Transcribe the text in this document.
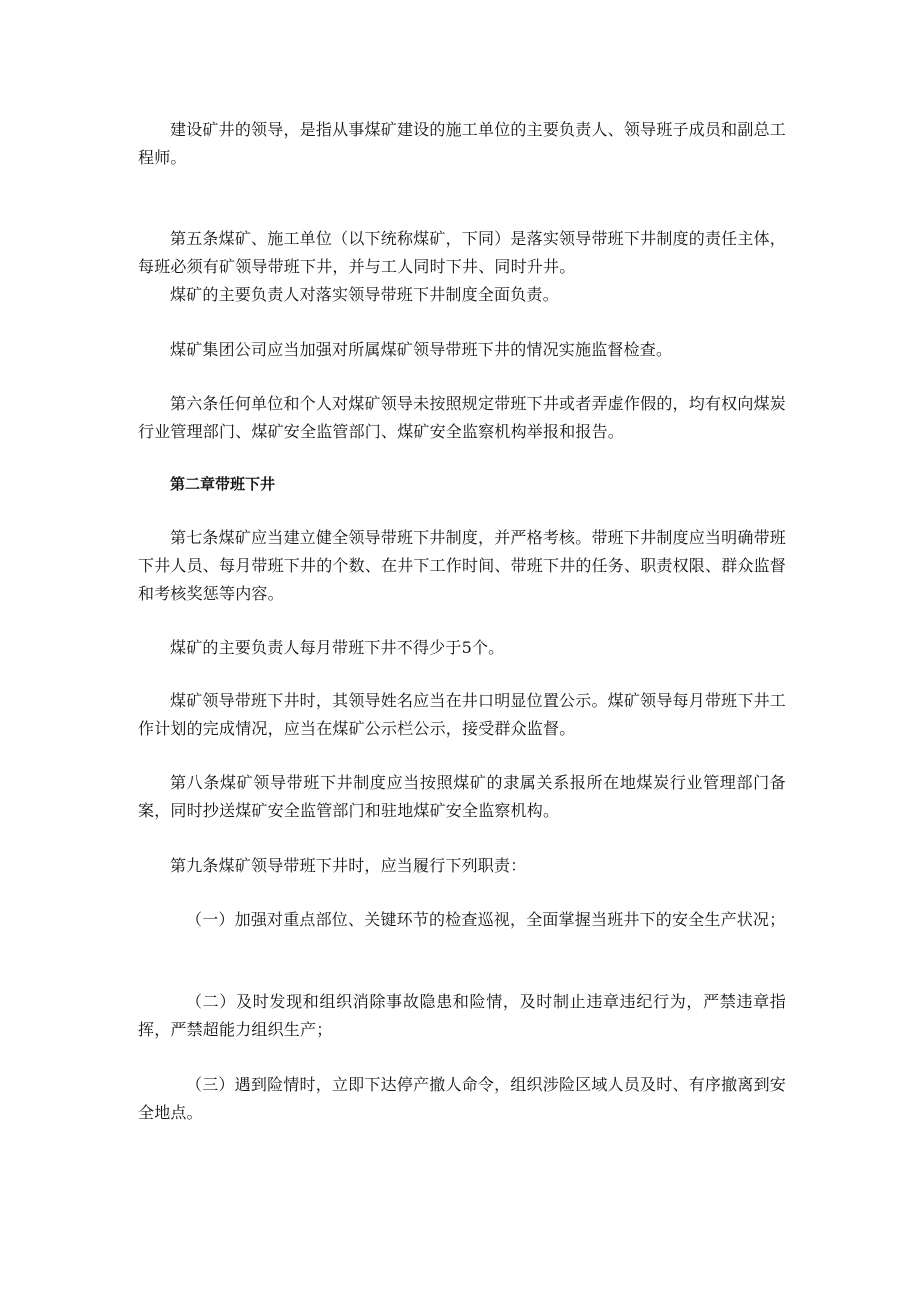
建设矿井的领导，是指从事煤矿建设的施工单位的主要负责人、领导班子成员和副总工程师。

第五条煤矿、施工单位（以下统称煤矿，下同）是落实领导带班下井制度的责任主体，每班必须有矿领导带班下井，并与工人同时下井、同时升井。

煤矿的主要负责人对落实领导带班下井制度全面负责。

煤矿集团公司应当加强对所属煤矿领导带班下井的情况实施监督检查。

第六条任何单位和个人对煤矿领导未按照规定带班下井或者弄虚作假的，均有权向煤炭行业管理部门、煤矿安全监管部门、煤矿安全监察机构举报和报告。

第二章带班下井

第七条煤矿应当建立健全领导带班下井制度，并严格考核。带班下井制度应当明确带班下井人员、每月带班下井的个数、在井下工作时间、带班下井的任务、职责权限、群众监督和考核奖惩等内容。

煤矿的主要负责人每月带班下井不得少于5个。

煤矿领导带班下井时，其领导姓名应当在井口明显位置公示。煤矿领导每月带班下井工作计划的完成情况，应当在煤矿公示栏公示，接受群众监督。

第八条煤矿领导带班下井制度应当按照煤矿的隶属关系报所在地煤炭行业管理部门备案，同时抄送煤矿安全监管部门和驻地煤矿安全监察机构。

第九条煤矿领导带班下井时，应当履行下列职责：

（一）加强对重点部位、关键环节的检查巡视，全面掌握当班井下的安全生产状况；

（二）及时发现和组织消除事故隐患和险情，及时制止违章违纪行为，严禁违章指挥，严禁超能力组织生产；

（三）遇到险情时，立即下达停产撤人命令，组织涉险区域人员及时、有序撤离到安全地点。
